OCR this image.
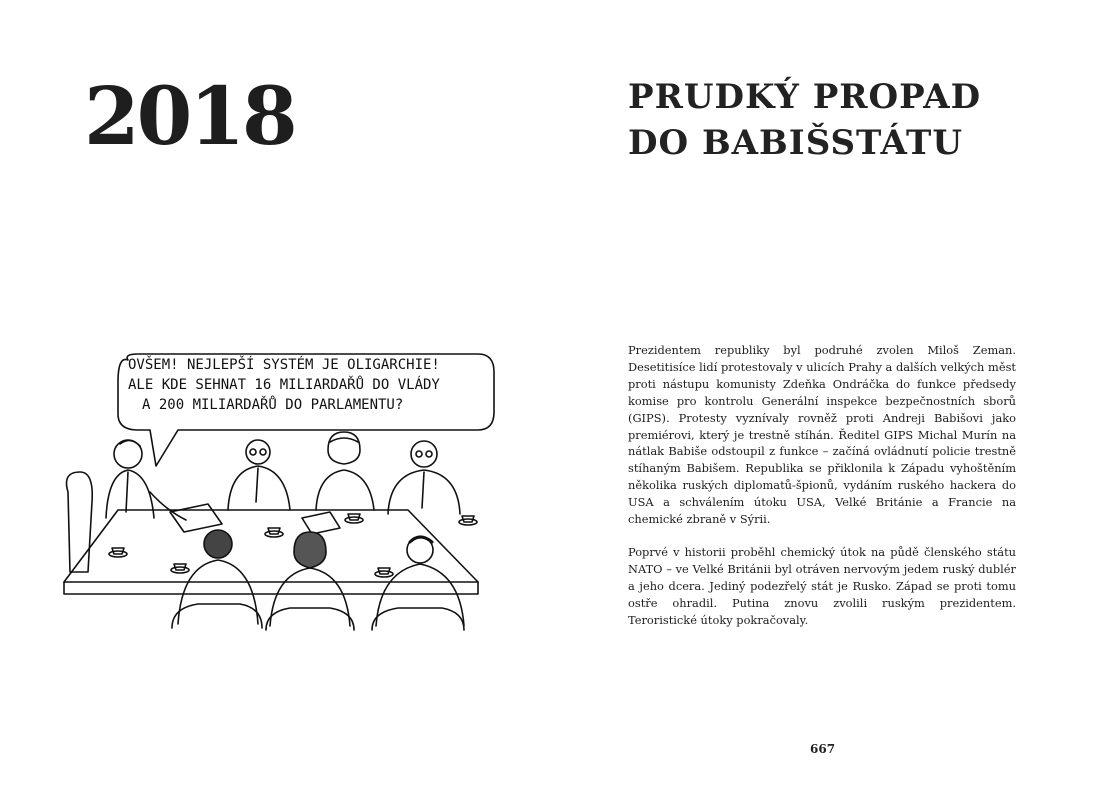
2018
OVŠEM! NEJLEPŠÍ SYSTÉM JE OLIGARCHIE!
ALE KDE SEHNAT 16 MILIARDAŘŮ DO VLÁDY
A 200 MILIARDAŘŮ DO PARLAMENTU?
PRUDKÝ PROPAD
DO BABIŠSTÁTU

Prezidentem republiky byl podruhé zvolen Miloš Zeman. Desetitisíce lidí protestovaly v ulicích Prahy a dalších velkých měst proti nástupu komunisty Zdeňka Ondráčka do funkce předsedy komise pro kontrolu Generální inspekce bezpečnostních sborů (GIPS). Protesty vyznívaly rovněž proti Andreji Babišovi jako premiérovi, který je trestně stíhán. Ředitel GIPS Michal Murín na nátlak Babiše odstoupil z funkce – začíná ovládnutí policie trestně stíhaným Babišem. Republika se přiklonila k Západu vyhoštěním několika ruských diplomatů-špionů, vydáním ruského hackera do USA a schválením útoku USA, Velké Británie a Francie na chemické zbraně v Sýrii.

Poprvé v historii proběhl chemický útok na půdě členského státu NATO – ve Velké Británii byl otráven nervovým jedem ruský dublér a jeho dcera. Jediný podezřelý stát je Rusko. Západ se proti tomu ostře ohradil. Putina znovu zvolili ruským prezidentem. Teroristické útoky pokračovaly.

667
